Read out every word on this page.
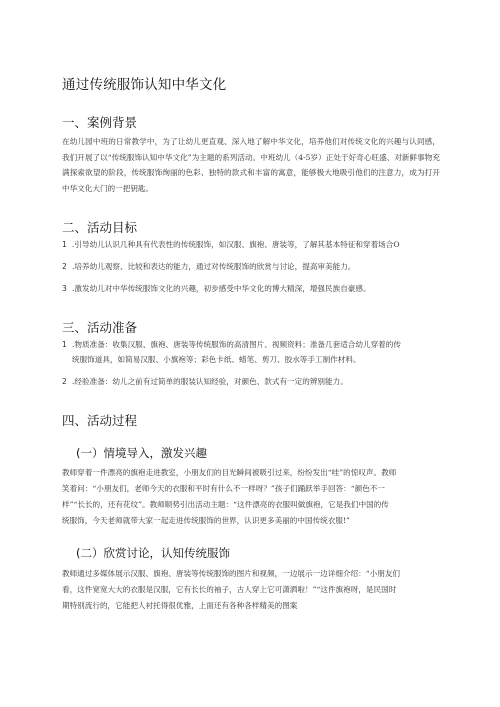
通过传统服饰认知中华文化
一、案例背景

在幼儿园中班的日常教学中，为了让幼儿更直观、深入地了解中华文化，培养他们对传统文化的兴趣与认同感，我们开展了以“传统服饰认知中华文化”为主题的系列活动。中班幼儿（4-5岁）正处于好奇心旺盛、对新鲜事物充满探索欲望的阶段，传统服饰绚丽的色彩、独特的款式和丰富的寓意，能够极大地吸引他们的注意力，成为打开中华文化大门的一把钥匙。

二、活动目标

1 .引导幼儿认识几种具有代表性的传统服饰，如汉服、旗袍、唐装等，了解其基本特征和穿着场合O

2 .培养幼儿观察、比较和表达的能力，通过对传统服饰的欣赏与讨论，提高审美能力。

3 .激发幼儿对中华传统服饰文化的兴趣，初步感受中华文化的博大精深，增强民族自豪感。

三、活动准备

1 .物质准备：收集汉服、旗袍、唐装等传统服饰的高清图片、视频资料；准备几套适合幼儿穿着的传

统服饰道具，如简易汉服、小旗袍等；彩色卡纸、蜡笔、剪刀、胶水等手工制作材料。

2 .经验准备：幼儿之前有过简单的服装认知经验，对颜色、款式有一定的辨别能力。

四、活动过程
(一）情境导入，激发兴趣

教师穿着一件漂亮的旗袍走进教室，小朋友们的目光瞬间被吸引过来，纷纷发出“哇”的惊叹声。教师

笑着问：“小朋友们，老师今天的衣服和平时有什么不一样呀？”孩子们踊跃举手回答：“颜色不一

样”“长长的，还有花纹”。教师顺势引出活动主题：“这件漂亮的衣服叫做旗袍，它是我们中国的传

统服饰，今天老师就带大家一起走进传统服饰的世界，认识更多美丽的中国传统衣服!”

(二）欣赏讨论，认知传统服饰

教师通过多媒体展示汉服、旗袍、唐装等传统服饰的图片和视频，一边展示一边详细介绍：“小朋友们

看，这件宽宽大大的衣服是汉服，它有长长的袖子，古人穿上它可潇洒啦！”“这件旗袍呀，是民国时

期特别流行的，它能把人衬托得很优雅，上面还有各种各样精美的图案
